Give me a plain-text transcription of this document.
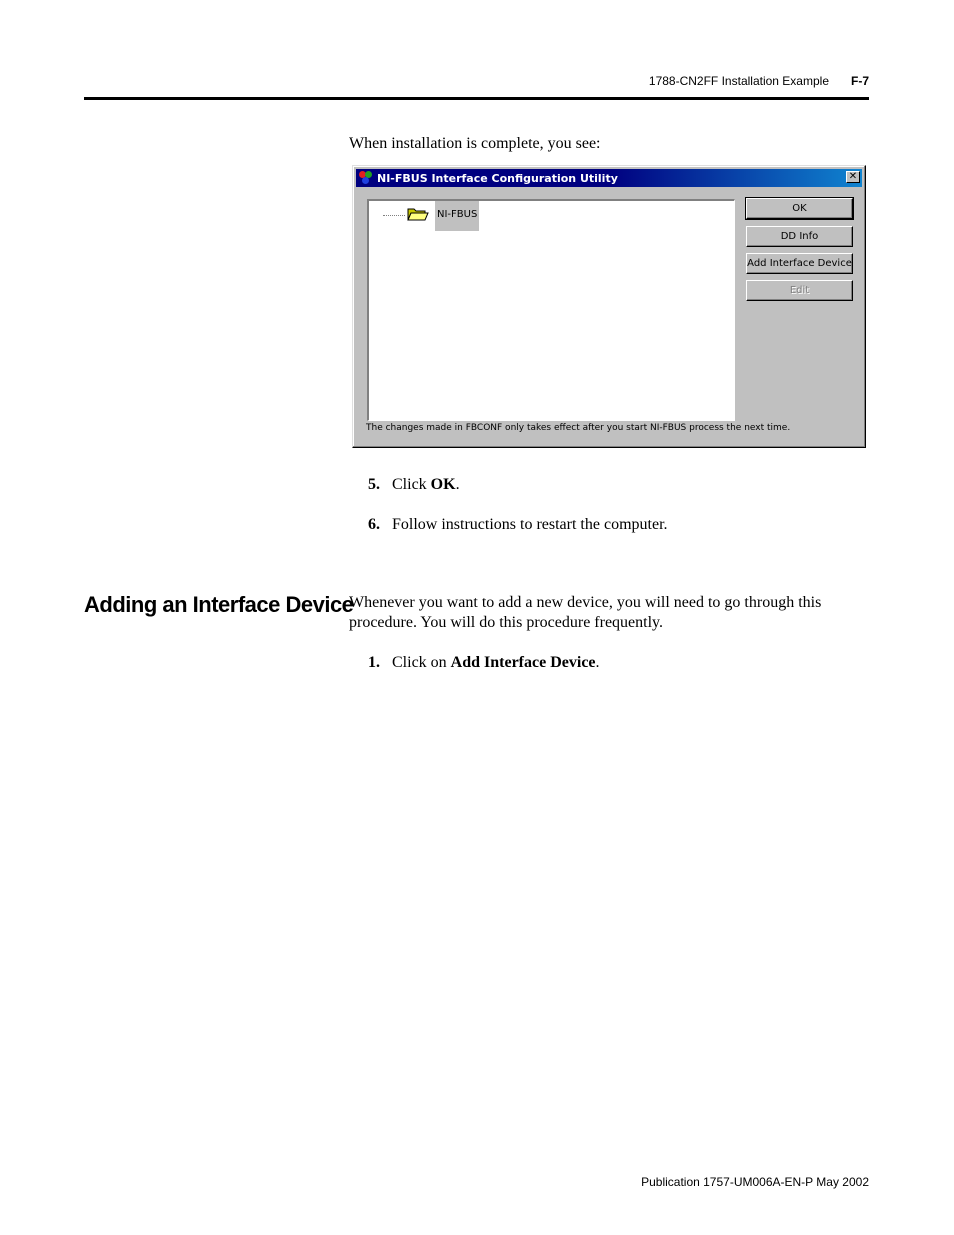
1788-CN2FF Installation Example F-7
When installation is complete, you see:
NI-FBUS Interface Configuration Utility	✕
NI-FBUS
OK
DD Info
Add Interface Device
Edit
The changes made in FBCONF only takes effect after you start NI-FBUS process the next time.
5. Click OK.
6. Follow instructions to restart the computer.
Adding an Interface Device
Whenever you want to add a new device, you will need to go through this procedure. You will do this procedure frequently.
1. Click on Add Interface Device.
Publication 1757-UM006A-EN-P May 2002
